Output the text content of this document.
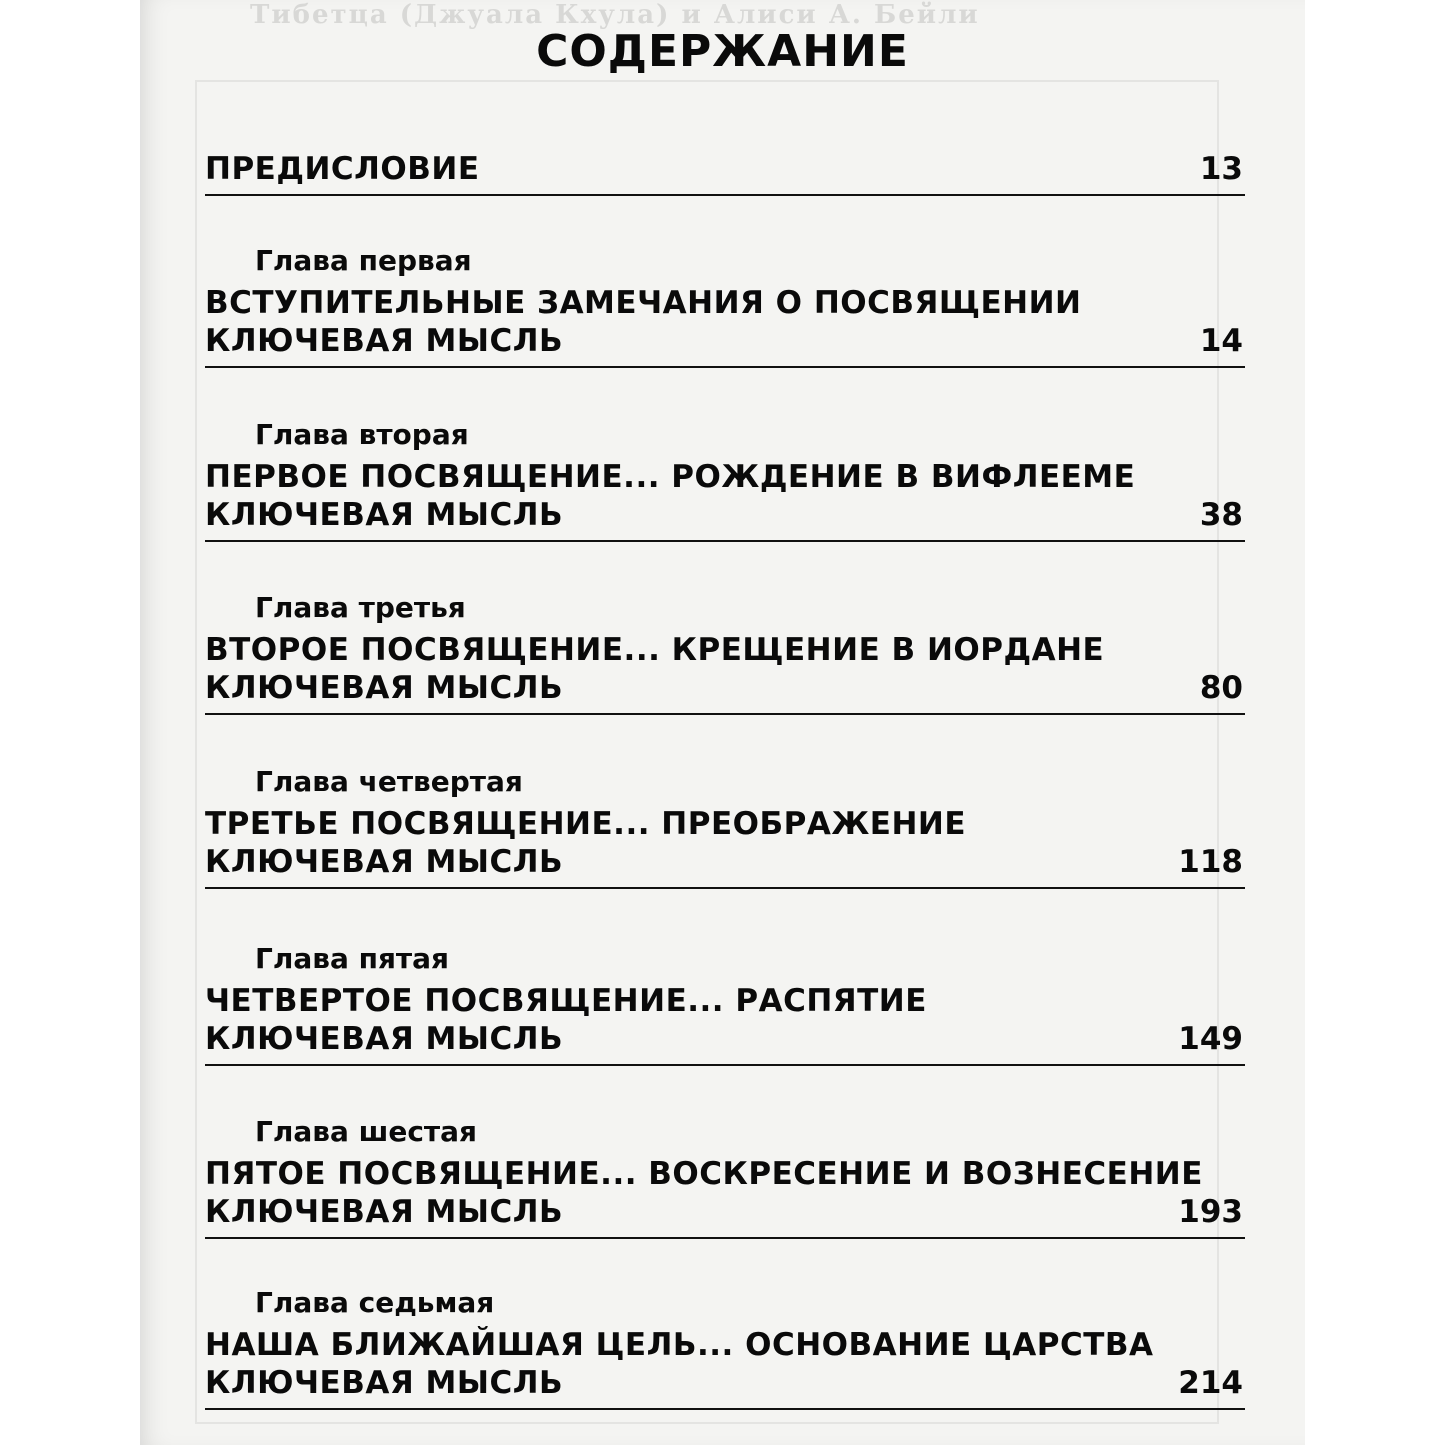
Тибетца (Джуала Кхула) и Алиси А. Бейли
СОДЕРЖАНИЕ
ПРЕДИСЛОВИЕ	13
Глава первая
ВСТУПИТЕЛЬНЫЕ ЗАМЕЧАНИЯ О ПОСВЯЩЕНИИ
КЛЮЧЕВАЯ МЫСЛЬ	14
Глава вторая
ПЕРВОЕ ПОСВЯЩЕНИЕ... РОЖДЕНИЕ В ВИФЛЕЕМЕ
КЛЮЧЕВАЯ МЫСЛЬ	38
Глава третья
ВТОРОЕ ПОСВЯЩЕНИЕ... КРЕЩЕНИЕ В ИОРДАНЕ
КЛЮЧЕВАЯ МЫСЛЬ	80
Глава четвертая
ТРЕТЬЕ ПОСВЯЩЕНИЕ... ПРЕОБРАЖЕНИЕ
КЛЮЧЕВАЯ МЫСЛЬ	118
Глава пятая
ЧЕТВЕРТОЕ ПОСВЯЩЕНИЕ... РАСПЯТИЕ
КЛЮЧЕВАЯ МЫСЛЬ	149
Глава шестая
ПЯТОЕ ПОСВЯЩЕНИЕ... ВОСКРЕСЕНИЕ И ВОЗНЕСЕНИЕ
КЛЮЧЕВАЯ МЫСЛЬ	193
Глава седьмая
НАША БЛИЖАЙШАЯ ЦЕЛЬ... ОСНОВАНИЕ ЦАРСТВА
КЛЮЧЕВАЯ МЫСЛЬ	214
